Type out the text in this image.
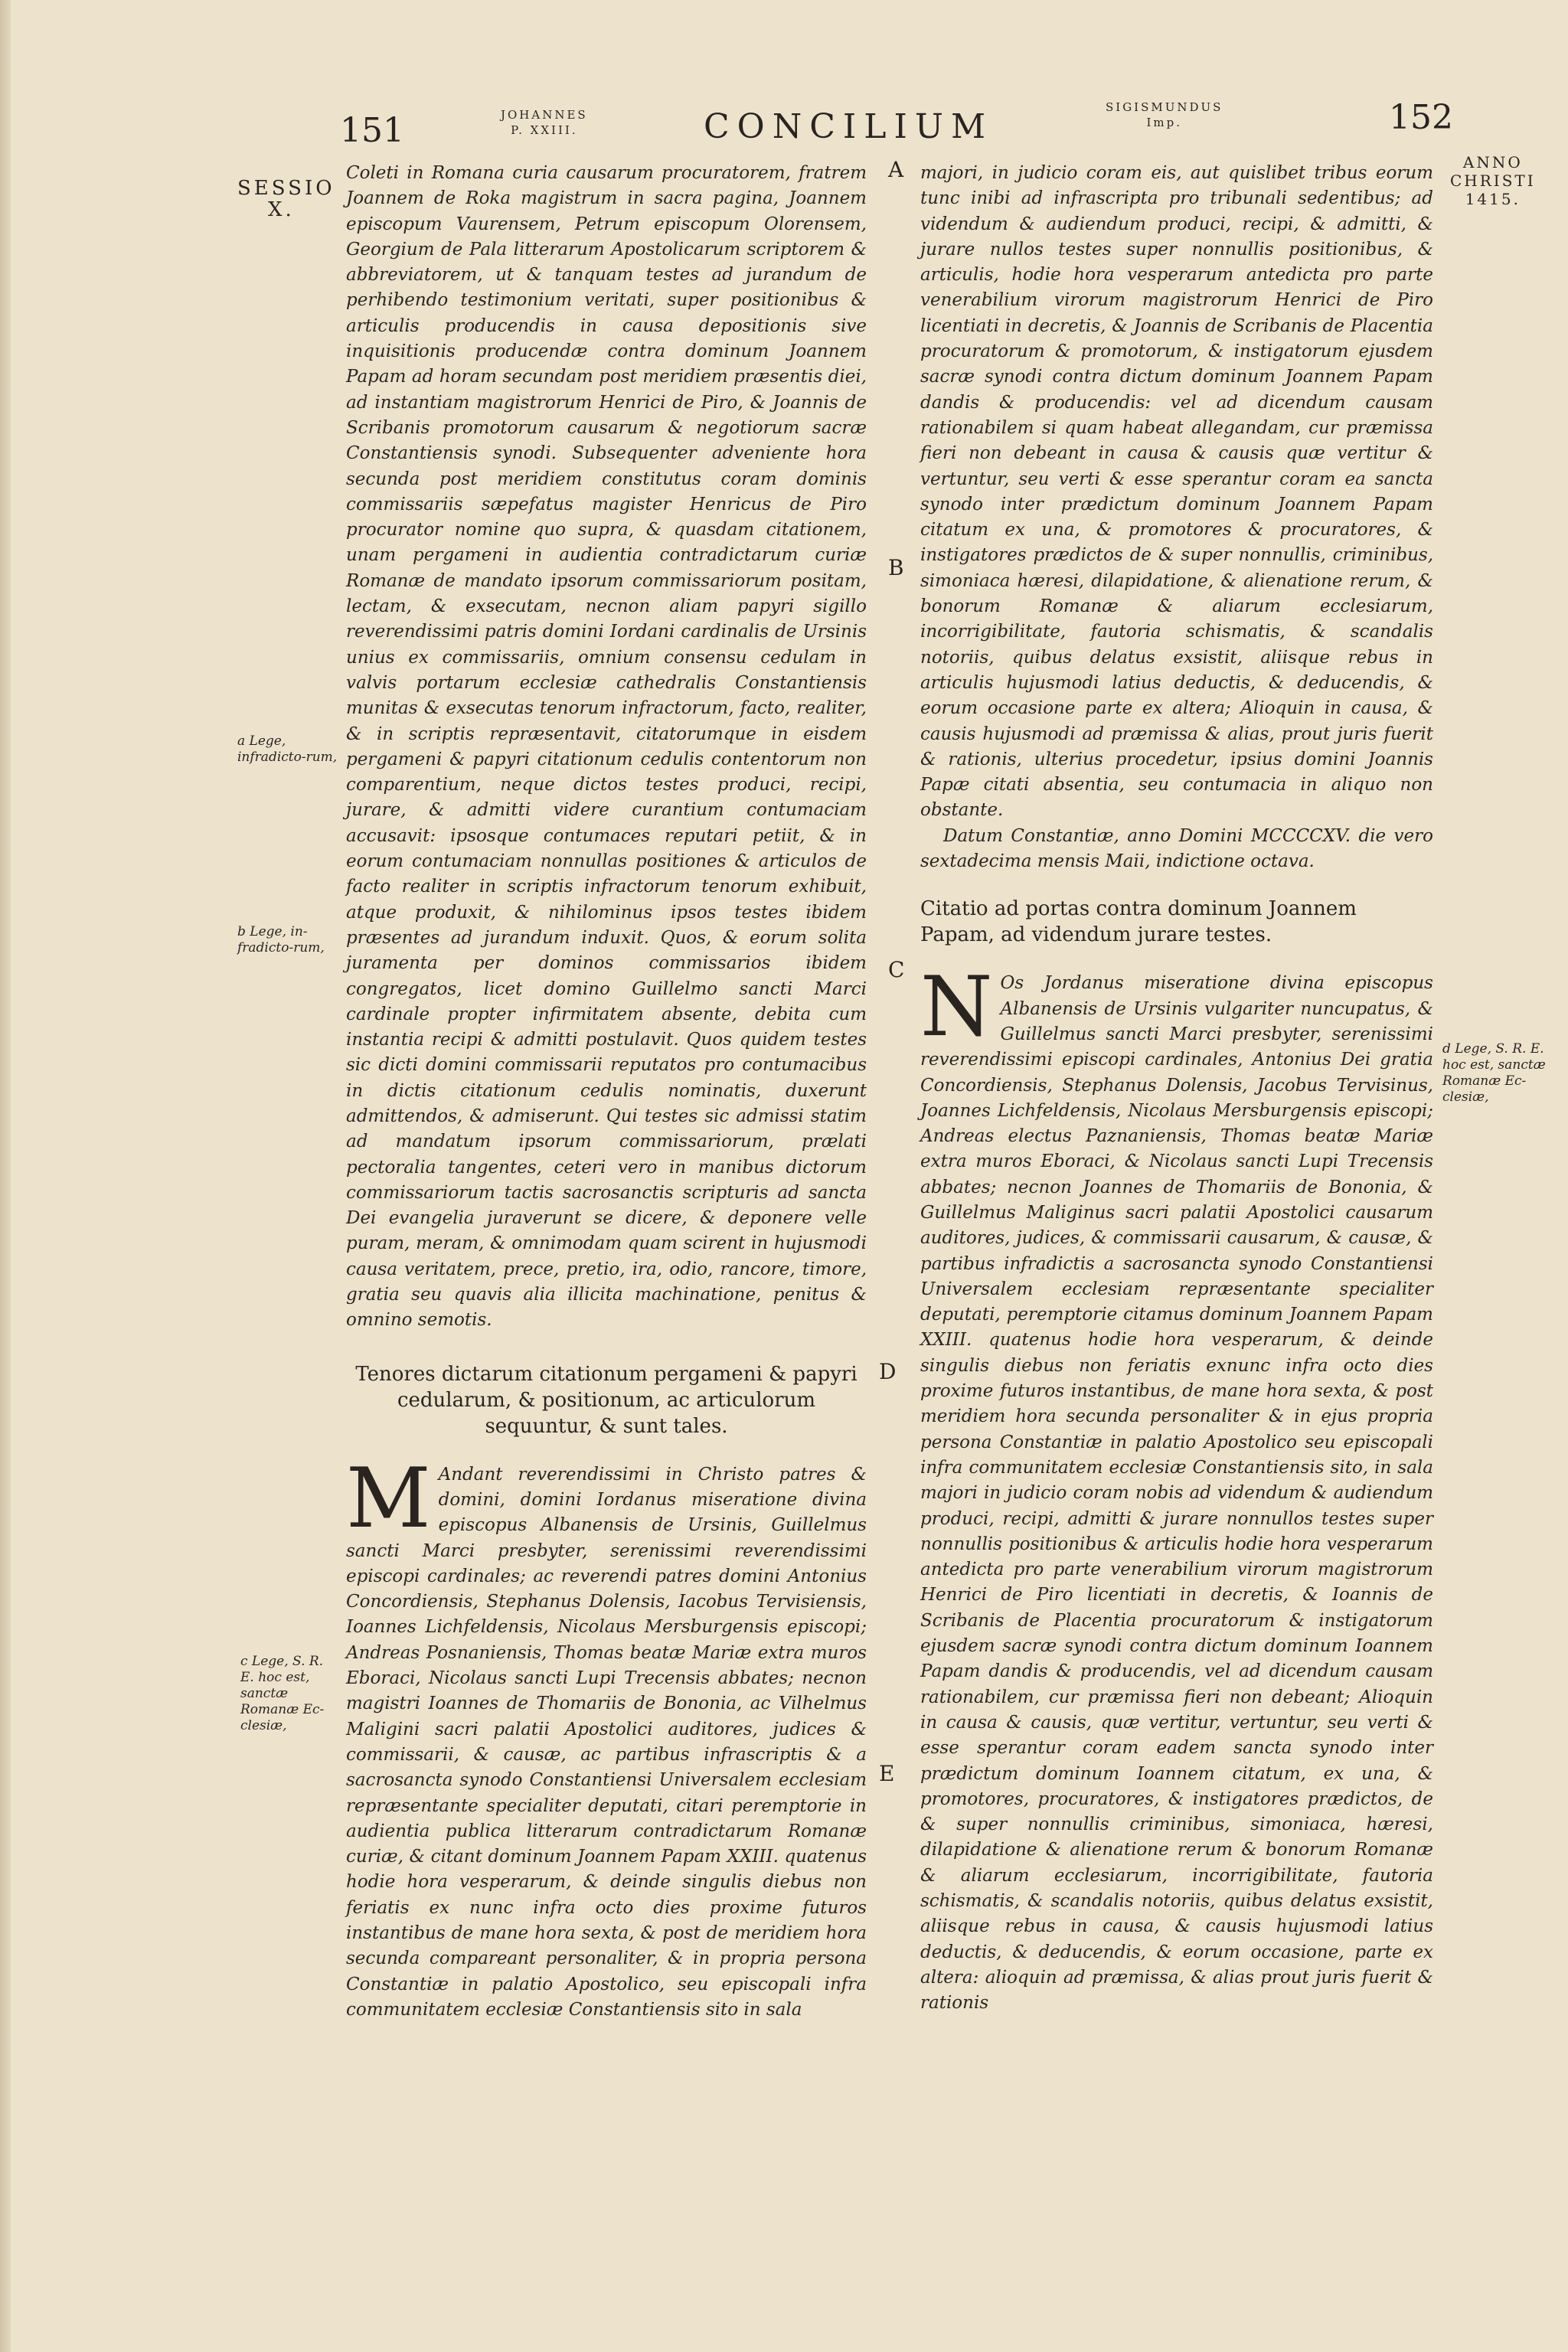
151	JOHANNES
P. XXIII.	CONCILIUM	SIGISMUNDUS
Imp.	152
SESSIO
X.
ANNO
CHRISTI
1415.
a Lege, infradicto-rum,
b Lege, in-fradicto-rum,
c Lege, S. R. E. hoc est, sanctæ Romanæ Ec-clesiæ,
d Lege, S. R. E. hoc est, sanctæ Romanæ Ec-clesiæ,
A
B
C
D
E

Coleti in Romana curia causarum procuratorem, fratrem Joannem de Roka magistrum in sacra pagina, Joannem episcopum Vaurensem, Petrum episcopum Olorensem, Georgium de Pala litterarum Apostolicarum scriptorem & abbreviatorem, ut & tanquam testes ad jurandum de perhibendo testimonium veritati, super positionibus & articulis producendis in causa depositionis sive inquisitionis producendæ contra dominum Joannem Papam ad horam secundam post meridiem præsentis diei, ad instantiam magistrorum Henrici de Piro, & Joannis de Scribanis promotorum causarum & negotiorum sacræ Constantiensis synodi. Subsequenter adveniente hora secunda post meridiem constitutus coram dominis commissariis sæpefatus magister Henricus de Piro procurator nomine quo supra, & quasdam citationem, unam pergameni in audientia contradictarum curiæ Romanæ de mandato ipsorum commissariorum positam, lectam, & exsecutam, necnon aliam papyri sigillo reverendissimi patris domini Iordani cardinalis de Ursinis unius ex commissariis, omnium consensu cedulam in valvis portarum ecclesiæ cathedralis Constantiensis munitas & exsecutas tenorum infractorum, facto, realiter, & in scriptis repræsentavit, citatorumque in eisdem pergameni & papyri citationum cedulis contentorum non comparentium, neque dictos testes produci, recipi, jurare, & admitti videre curantium contumaciam accusavit: ipsosque contumaces reputari petiit, & in eorum contumaciam nonnullas positiones & articulos de facto realiter in scriptis infractorum tenorum exhibuit, atque produxit, & nihilominus ipsos testes ibidem præsentes ad jurandum induxit. Quos, & eorum solita juramenta per dominos commissarios ibidem congregatos, licet domino Guillelmo sancti Marci cardinale propter infirmitatem absente, debita cum instantia recipi & admitti postulavit. Quos quidem testes sic dicti domini commissarii reputatos pro contumacibus in dictis citationum cedulis nominatis, duxerunt admittendos, & admiserunt. Qui testes sic admissi statim ad mandatum ipsorum commissariorum, prælati pectoralia tangentes, ceteri vero in manibus dictorum commissariorum tactis sacrosanctis scripturis ad sancta Dei evangelia juraverunt se dicere, & deponere velle puram, meram, & omnimodam quam scirent in hujusmodi causa veritatem, prece, pretio, ira, odio, rancore, timore, gratia seu quavis alia illicita machinatione, penitus & omnino semotis.

Tenores dictarum citationum pergameni & papyri cedularum, & positionum, ac articulorum sequuntur, & sunt tales.

M Andant reverendissimi in Christo patres & domini, domini Iordanus miseratione divina episcopus Albanensis de Ursinis, Guillelmus sancti Marci presbyter, serenissimi reverendissimi episcopi cardinales; ac reverendi patres domini Antonius Concordiensis, Stephanus Dolensis, Iacobus Tervisiensis, Ioannes Lichfeldensis, Nicolaus Mersburgensis episcopi; Andreas Posnaniensis, Thomas beatæ Mariæ extra muros Eboraci, Nicolaus sancti Lupi Trecensis abbates; necnon magistri Ioannes de Thomariis de Bononia, ac Vilhelmus Maligini sacri palatii Apostolici auditores, judices & commissarii, & causæ, ac partibus infrascriptis & a sacrosancta synodo Constantiensi Universalem ecclesiam repræsentante specialiter deputati, citari peremptorie in audientia publica litterarum contradictarum Romanæ curiæ, & citant dominum Joannem Papam XXIII. quatenus hodie hora vesperarum, & deinde singulis diebus non feriatis ex nunc infra octo dies proxime futuros instantibus de mane hora sexta, & post de meridiem hora secunda compareant personaliter, & in propria persona Constantiæ in palatio Apostolico, seu episcopali infra communitatem ecclesiæ Constantiensis sito in sala

majori, in judicio coram eis, aut quislibet tribus eorum tunc inibi ad infrascripta pro tribunali sedentibus; ad videndum & audiendum produci, recipi, & admitti, & jurare nullos testes super nonnullis positionibus, & articulis, hodie hora vesperarum antedicta pro parte venerabilium virorum magistrorum Henrici de Piro licentiati in decretis, & Joannis de Scribanis de Placentia procuratorum & promotorum, & instigatorum ejusdem sacræ synodi contra dictum dominum Joannem Papam dandis & producendis: vel ad dicendum causam rationabilem si quam habeat allegandam, cur præmissa fieri non debeant in causa & causis quæ vertitur & vertuntur, seu verti & esse sperantur coram ea sancta synodo inter prædictum dominum Joannem Papam citatum ex una, & promotores & procuratores, & instigatores prædictos de & super nonnullis, criminibus, simoniaca hæresi, dilapidatione, & alienatione rerum, & bonorum Romanæ & aliarum ecclesiarum, incorrigibilitate, fautoria schismatis, & scandalis notoriis, quibus delatus exsistit, aliisque rebus in articulis hujusmodi latius deductis, & deducendis, & eorum occasione parte ex altera; Alioquin in causa, & causis hujusmodi ad præmissa & alias, prout juris fuerit & rationis, ulterius procedetur, ipsius domini Joannis Papæ citati absentia, seu contumacia in aliquo non obstante.

Datum Constantiæ, anno Domini MCCCCXV. die vero sextadecima mensis Maii, indictione octava.

Citatio ad portas contra dominum Joannem Papam, ad videndum jurare testes.

N Os Jordanus miseratione divina episcopus Albanensis de Ursinis vulgariter nuncupatus, & Guillelmus sancti Marci presbyter, serenissimi reverendissimi episcopi cardinales, Antonius Dei gratia Concordiensis, Stephanus Dolensis, Jacobus Tervisinus, Joannes Lichfeldensis, Nicolaus Mersburgensis episcopi; Andreas electus Paznaniensis, Thomas beatæ Mariæ extra muros Eboraci, & Nicolaus sancti Lupi Trecensis abbates; necnon Joannes de Thomariis de Bononia, & Guillelmus Maliginus sacri palatii Apostolici causarum auditores, judices, & commissarii causarum, & causæ, & partibus infradictis a sacrosancta synodo Constantiensi Universalem ecclesiam repræsentante specialiter deputati, peremptorie citamus dominum Joannem Papam XXIII. quatenus hodie hora vesperarum, & deinde singulis diebus non feriatis exnunc infra octo dies proxime futuros instantibus, de mane hora sexta, & post meridiem hora secunda personaliter & in ejus propria persona Constantiæ in palatio Apostolico seu episcopali infra communitatem ecclesiæ Constantiensis sito, in sala majori in judicio coram nobis ad videndum & audiendum produci, recipi, admitti & jurare nonnullos testes super nonnullis positionibus & articulis hodie hora vesperarum antedicta pro parte venerabilium virorum magistrorum Henrici de Piro licentiati in decretis, & Ioannis de Scribanis de Placentia procuratorum & instigatorum ejusdem sacræ synodi contra dictum dominum Ioannem Papam dandis & producendis, vel ad dicendum causam rationabilem, cur præmissa fieri non debeant; Alioquin in causa & causis, quæ vertitur, vertuntur, seu verti & esse sperantur coram eadem sancta synodo inter prædictum dominum Ioannem citatum, ex una, & promotores, procuratores, & instigatores prædictos, de & super nonnullis criminibus, simoniaca, hæresi, dilapidatione & alienatione rerum & bonorum Romanæ & aliarum ecclesiarum, incorrigibilitate, fautoria schismatis, & scandalis notoriis, quibus delatus exsistit, aliisque rebus in causa, & causis hujusmodi latius deductis, & deducendis, & eorum occasione, parte ex altera: alioquin ad præmissa, & alias prout juris fuerit & rationis
